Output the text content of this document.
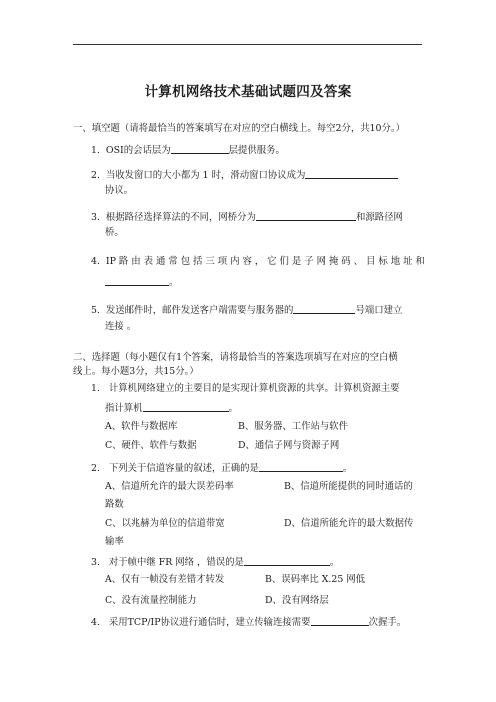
计算机网络技术基础试题四及答案
一、填空题（请将最恰当的答案填写在对应的空白横线上。每空2分，共10分。）
1. OSI的会话层为	层提供服务。
2. 当收发窗口的大小都为 1 时，滑动窗口协议成为
协议。
3. 根据路径选择算法的不同，网桥分为	和源路径网
桥。
4. IP 路 由 表 通 常 包 括 三 项 内 容 ， 它 们 是 子 网 掩 码 、 目 标 地 址 和
。
5. 发送邮件时，邮件发送客户端需要与服务器的	号端口建立
连接 。
二、选择题（每小题仅有1个答案，请将最恰当的答案选项填写在对应的空白横
线上。每小题3分，共15分。）
1. 计算机网络建立的主要目的是实现计算机资源的共享。计算机资源主要
指计算机	。
A、软件与数据库	B、服务器、工作站与软件
C、硬件、软件与数据	D、通信子网与资源子网
2. 下列关于信道容量的叙述，正确的是	。
A、信道所允许的最大误差码率	B、信道所能提供的同时通话的
路数
C、以兆赫为单位的信道带宽	D、信道所能允许的最大数据传
输率
3. 对于帧中继 FR 网络 ，错误的是	。
A、仅有一帧没有差错才转发	B、误码率比 X.25 网低
C、没有流量控制能力	D、没有网络层
4. 采用TCP/IP协议进行通信时，建立传输连接需要	次握手。
